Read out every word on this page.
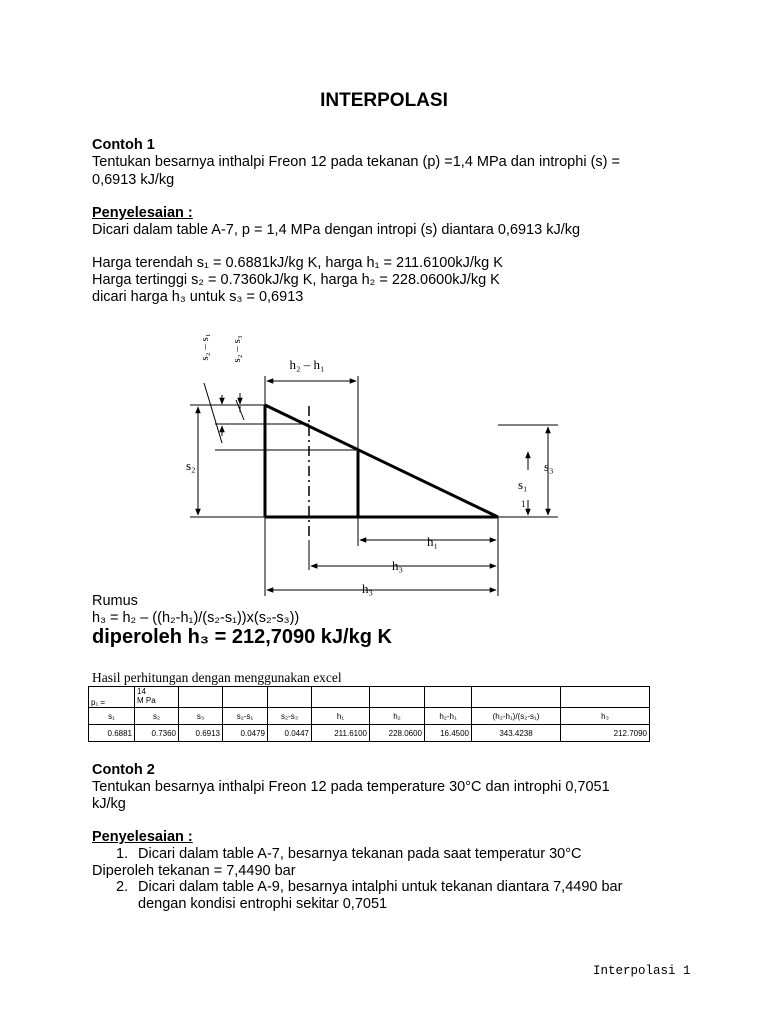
INTERPOLASI
Contoh 1
Tentukan besarnya inthalpi Freon 12 pada tekanan (p) =1,4 MPa dan introphi (s) =
0,6913 kJ/kg
Penyelesaian :
Dicari dalam table A-7, p = 1,4 MPa dengan intropi (s) diantara 0,6913 kJ/kg
Harga terendah s₁ = 0.6881kJ/kg K, harga h₁ = 211.6100kJ/kg K
Harga tertinggi s₂ = 0.7360kJ/kg K, harga h₂ = 228.0600kJ/kg K
dicari harga h₃ untuk s₃ = 0,6913
s₂ – s₁ s₂ – s₃
h₂ – h₁
s₂	s₃
s₁
1
h₁
h₃
h₃
Rumus
h₃ = h₂ – ((h₂-h₁)/(s₂-s₁))x(s₂-s₃))
diperoleh h₃ = 212,7090 kJ/kg K
Hasil perhitungan dengan menggunakan excel
p₁ =	14
M Pa								
s₁	s₂	s₃	s₂-s₁	s₂-s₃	h₁	h₂	h₂-h₁	(h₂-h₁)/(s₂-s₁)	h₃
0.6881	0.7360	0.6913	0.0479	0.0447	211.6100	228.0600	16.4500	343.4238	212.7090
Contoh 2
Tentukan besarnya inthalpi Freon 12 pada temperature 30°C dan introphi 0,7051
kJ/kg
Penyelesaian :
1. Dicari dalam table A-7, besarnya tekanan pada saat temperatur 30°C
Diperoleh tekanan = 7,4490 bar
2. Dicari dalam table A-9, besarnya intalphi untuk tekanan diantara 7,4490 bar
dengan kondisi entrophi sekitar 0,7051
Interpolasi 1
